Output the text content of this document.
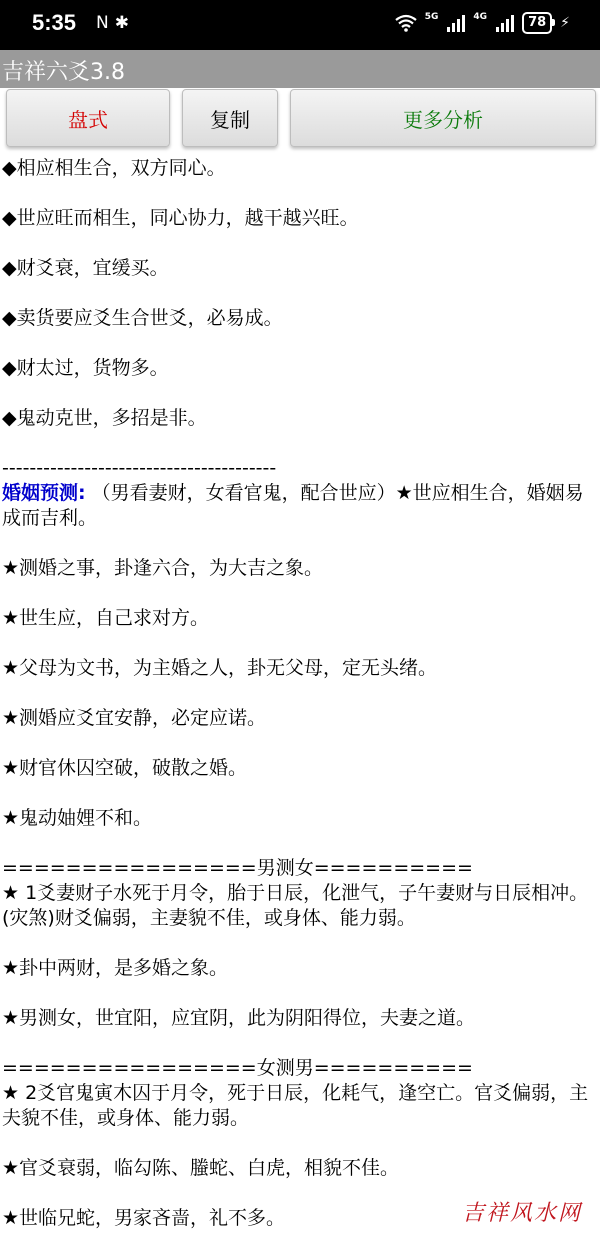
5:35 N ✱	5G	4G	78	⚡
吉祥六爻3.8
盘式	复制	更多分析

◆相应相生合，双方同心。

◆世应旺而相生，同心协力，越干越兴旺。

◆财爻衰，宜缓买。

◆卖货要应爻生合世爻，必易成。

◆财太过，货物多。

◆鬼动克世，多招是非。

----------------------------------------

婚姻预测: （男看妻财，女看官鬼，配合世应）★世应相生合，婚姻易成而吉利。

★测婚之事，卦逢六合，为大吉之象。

★世生应，自己求对方。

★父母为文书，为主婚之人，卦无父母，定无头绪。

★测婚应爻宜安静，必定应诺。

★财官休囚空破，破散之婚。

★鬼动妯娌不和。

================男测女==========

★ 1爻妻财子水死于月令，胎于日辰，化泄气，子午妻财与日辰相冲。(灾煞)财爻偏弱，主妻貌不佳，或身体、能力弱。

★卦中两财，是多婚之象。

★男测女，世宜阳，应宜阴，此为阴阳得位，夫妻之道。

================女测男==========

★ 2爻官鬼寅木囚于月令，死于日辰，化耗气，逢空亡。官爻偏弱，主夫貌不佳，或身体、能力弱。

★官爻衰弱，临勾陈、螣蛇、白虎，相貌不佳。

★世临兄蛇，男家吝啬，礼不多。	吉祥风水网
